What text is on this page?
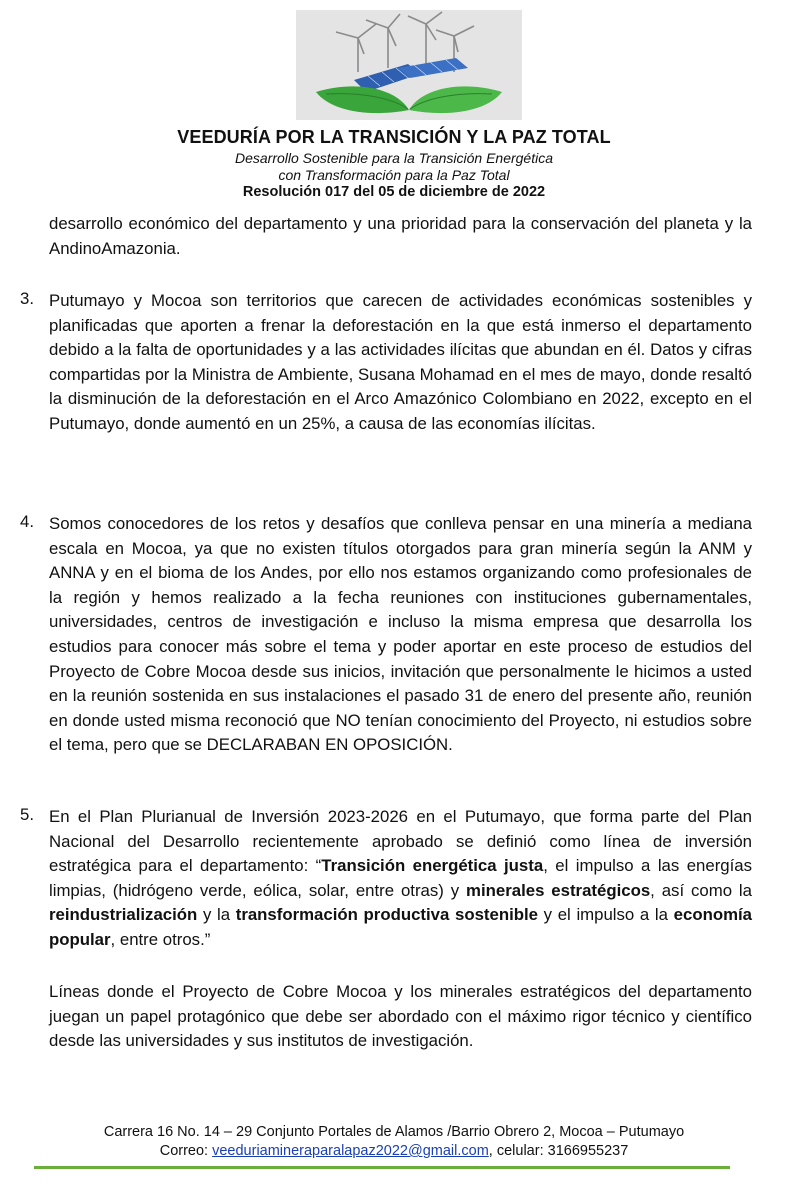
VEEDURÍA POR LA TRANSICIÓN Y LA PAZ TOTAL
Desarrollo Sostenible para la Transición Energética
con Transformación para la Paz Total
Resolución 017 del 05 de diciembre de 2022

desarrollo económico del departamento y una prioridad para la conservación del planeta y la AndinoAmazonia.

3. Putumayo y Mocoa son territorios que carecen de actividades económicas sostenibles y planificadas que aporten a frenar la deforestación en la que está inmerso el departamento debido a la falta de oportunidades y a las actividades ilícitas que abundan en él. Datos y cifras compartidas por la Ministra de Ambiente, Susana Mohamad en el mes de mayo, donde resaltó la disminución de la deforestación en el Arco Amazónico Colombiano en 2022, excepto en el Putumayo, donde aumentó en un 25%, a causa de las economías ilícitas.

4. Somos conocedores de los retos y desafíos que conlleva pensar en una minería a mediana escala en Mocoa, ya que no existen títulos otorgados para gran minería según la ANM y ANNA y en el bioma de los Andes, por ello nos estamos organizando como profesionales de la región y hemos realizado a la fecha reuniones con instituciones gubernamentales, universidades, centros de investigación e incluso la misma empresa que desarrolla los estudios para conocer más sobre el tema y poder aportar en este proceso de estudios del Proyecto de Cobre Mocoa desde sus inicios, invitación que personalmente le hicimos a usted en la reunión sostenida en sus instalaciones el pasado 31 de enero del presente año, reunión en donde usted misma reconoció que NO tenían conocimiento del Proyecto, ni estudios sobre el tema, pero que se DECLARABAN EN OPOSICIÓN.

5. En el Plan Plurianual de Inversión 2023-2026 en el Putumayo, que forma parte del Plan Nacional del Desarrollo recientemente aprobado se definió como línea de inversión estratégica para el departamento: “Transición energética justa, el impulso a las energías limpias, (hidrógeno verde, eólica, solar, entre otras) y minerales estratégicos, así como la reindustrialización y la transformación productiva sostenible y el impulso a la economía popular, entre otros.”

Líneas donde el Proyecto de Cobre Mocoa y los minerales estratégicos del departamento juegan un papel protagónico que debe ser abordado con el máximo rigor técnico y científico desde las universidades y sus institutos de investigación.

Carrera 16 No. 14 – 29 Conjunto Portales de Alamos /Barrio Obrero 2, Mocoa – Putumayo
Correo: veeduriamineraparalapaz2022@gmail.com, celular: 3166955237
